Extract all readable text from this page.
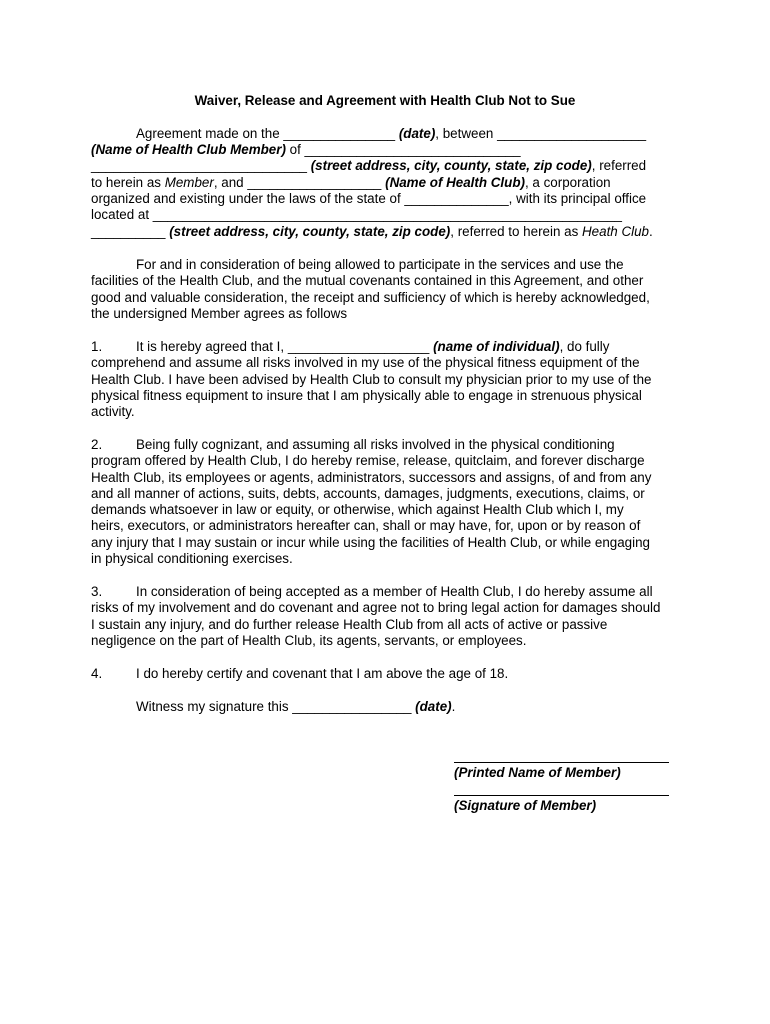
Waiver, Release and Agreement with Health Club Not to Sue
Agreement made on the _______________ (date), between ____________________
(Name of Health Club Member) of _____________________________
_____________________________ (street address, city, county, state, zip code), referred
to herein as Member, and __________________ (Name of Health Club), a corporation
organized and existing under the laws of the state of ______________, with its principal office
located at _______________________________________________________________
__________ (street address, city, county, state, zip code), referred to herein as Heath Club.
For and in consideration of being allowed to participate in the services and use the
facilities of the Health Club, and the mutual covenants contained in this Agreement, and other
good and valuable consideration, the receipt and sufficiency of which is hereby acknowledged,
the undersigned Member agrees as follows
1.	It is hereby agreed that I, ___________________ (name of individual), do fully
comprehend and assume all risks involved in my use of the physical fitness equipment of the
Health Club. I have been advised by Health Club to consult my physician prior to my use of the
physical fitness equipment to insure that I am physically able to engage in strenuous physical
activity.
2.	Being fully cognizant, and assuming all risks involved in the physical conditioning
program offered by Health Club, I do hereby remise, release, quitclaim, and forever discharge
Health Club, its employees or agents, administrators, successors and assigns, of and from any
and all manner of actions, suits, debts, accounts, damages, judgments, executions, claims, or
demands whatsoever in law or equity, or otherwise, which against Health Club which I, my
heirs, executors, or administrators hereafter can, shall or may have, for, upon or by reason of
any injury that I may sustain or incur while using the facilities of Health Club, or while engaging
in physical conditioning exercises.
3.	In consideration of being accepted as a member of Health Club, I do hereby assume all
risks of my involvement and do covenant and agree not to bring legal action for damages should
I sustain any injury, and do further release Health Club from all acts of active or passive
negligence on the part of Health Club, its agents, servants, or employees.
4.	I do hereby certify and covenant that I am above the age of 18.
Witness my signature this ________________ (date).
(Printed Name of Member)
(Signature of Member)
